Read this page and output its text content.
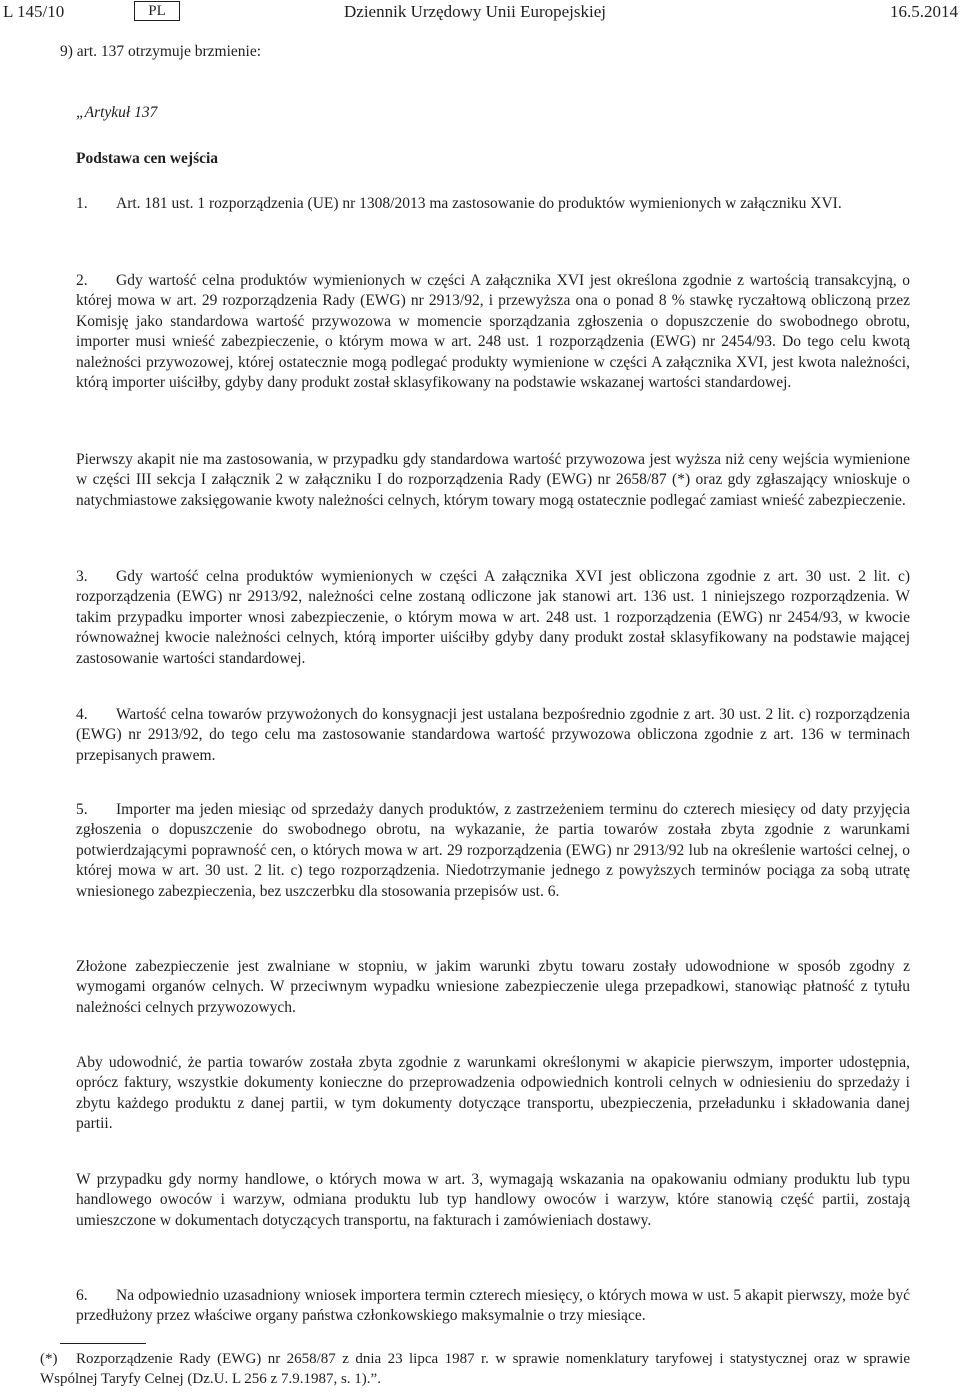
L 145/10	PL	Dziennik Urzędowy Unii Europejskiej	16.5.2014
9) art. 137 otrzymuje brzmienie:

„Artykuł 137

Podstawa cen wejścia

1. Art. 181 ust. 1 rozporządzenia (UE) nr 1308/2013 ma zastosowanie do produktów wymienionych w załączniku XVI.

2. Gdy wartość celna produktów wymienionych w części A załącznika XVI jest określona zgodnie z wartością transakcyjną, o której mowa w art. 29 rozporządzenia Rady (EWG) nr 2913/92, i przewyższa ona o ponad 8 % stawkę ryczałtową obliczoną przez Komisję jako standardowa wartość przywozowa w momencie sporządzania zgłoszenia o dopuszczenie do swobodnego obrotu, importer musi wnieść zabezpieczenie, o którym mowa w art. 248 ust. 1 rozporządzenia (EWG) nr 2454/93. Do tego celu kwotą należności przywozowej, której ostatecznie mogą podlegać produkty wymienione w części A załącznika XVI, jest kwota należności, którą importer uiściłby, gdyby dany produkt został sklasyfikowany na podstawie wskazanej wartości standardowej.

Pierwszy akapit nie ma zastosowania, w przypadku gdy standardowa wartość przywozowa jest wyższa niż ceny wejścia wymienione w części III sekcja I załącznik 2 w załączniku I do rozporządzenia Rady (EWG) nr 2658/87 (*) oraz gdy zgłaszający wnioskuje o natychmiastowe zaksięgowanie kwoty należności celnych, którym towary mogą ostatecznie podlegać zamiast wnieść zabezpieczenie.

3. Gdy wartość celna produktów wymienionych w części A załącznika XVI jest obliczona zgodnie z art. 30 ust. 2 lit. c) rozporządzenia (EWG) nr 2913/92, należności celne zostaną odliczone jak stanowi art. 136 ust. 1 niniejszego rozporządzenia. W takim przypadku importer wnosi zabezpieczenie, o którym mowa w art. 248 ust. 1 rozporządzenia (EWG) nr 2454/93, w kwocie równoważnej kwocie należności celnych, którą importer uiściłby gdyby dany produkt został sklasyfikowany na podstawie mającej zastosowanie wartości standardowej.

4. Wartość celna towarów przywożonych do konsygnacji jest ustalana bezpośrednio zgodnie z art. 30 ust. 2 lit. c) rozporządzenia (EWG) nr 2913/92, do tego celu ma zastosowanie standardowa wartość przywozowa obliczona zgodnie z art. 136 w terminach przepisanych prawem.

5. Importer ma jeden miesiąc od sprzedaży danych produktów, z zastrzeżeniem terminu do czterech miesięcy od daty przyjęcia zgłoszenia o dopuszczenie do swobodnego obrotu, na wykazanie, że partia towarów została zbyta zgodnie z warunkami potwierdzającymi poprawność cen, o których mowa w art. 29 rozporządzenia (EWG) nr 2913/92 lub na określenie wartości celnej, o której mowa w art. 30 ust. 2 lit. c) tego rozporządzenia. Niedotrzymanie jednego z powyższych terminów pociąga za sobą utratę wniesionego zabezpieczenia, bez uszczerbku dla stosowania przepisów ust. 6.

Złożone zabezpieczenie jest zwalniane w stopniu, w jakim warunki zbytu towaru zostały udowodnione w sposób zgodny z wymogami organów celnych. W przeciwnym wypadku wniesione zabezpieczenie ulega przepadkowi, stanowiąc płatność z tytułu należności celnych przywozowych.

Aby udowodnić, że partia towarów została zbyta zgodnie z warunkami określonymi w akapicie pierwszym, importer udostępnia, oprócz faktury, wszystkie dokumenty konieczne do przeprowadzenia odpowiednich kontroli celnych w odniesieniu do sprzedaży i zbytu każdego produktu z danej partii, w tym dokumenty dotyczące transportu, ubezpieczenia, przeładunku i składowania danej partii.

W przypadku gdy normy handlowe, o których mowa w art. 3, wymagają wskazania na opakowaniu odmiany produktu lub typu handlowego owoców i warzyw, odmiana produktu lub typ handlowy owoców i warzyw, które stanowią część partii, zostają umieszczone w dokumentach dotyczących transportu, na fakturach i zamówieniach dostawy.

6. Na odpowiednio uzasadniony wniosek importera termin czterech miesięcy, o których mowa w ust. 5 akapit pierwszy, może być przedłużony przez właściwe organy państwa członkowskiego maksymalnie o trzy miesiące.

(*) Rozporządzenie Rady (EWG) nr 2658/87 z dnia 23 lipca 1987 r. w sprawie nomenklatury taryfowej i statystycznej oraz w sprawie Wspólnej Taryfy Celnej (Dz.U. L 256 z 7.9.1987, s. 1).”.
